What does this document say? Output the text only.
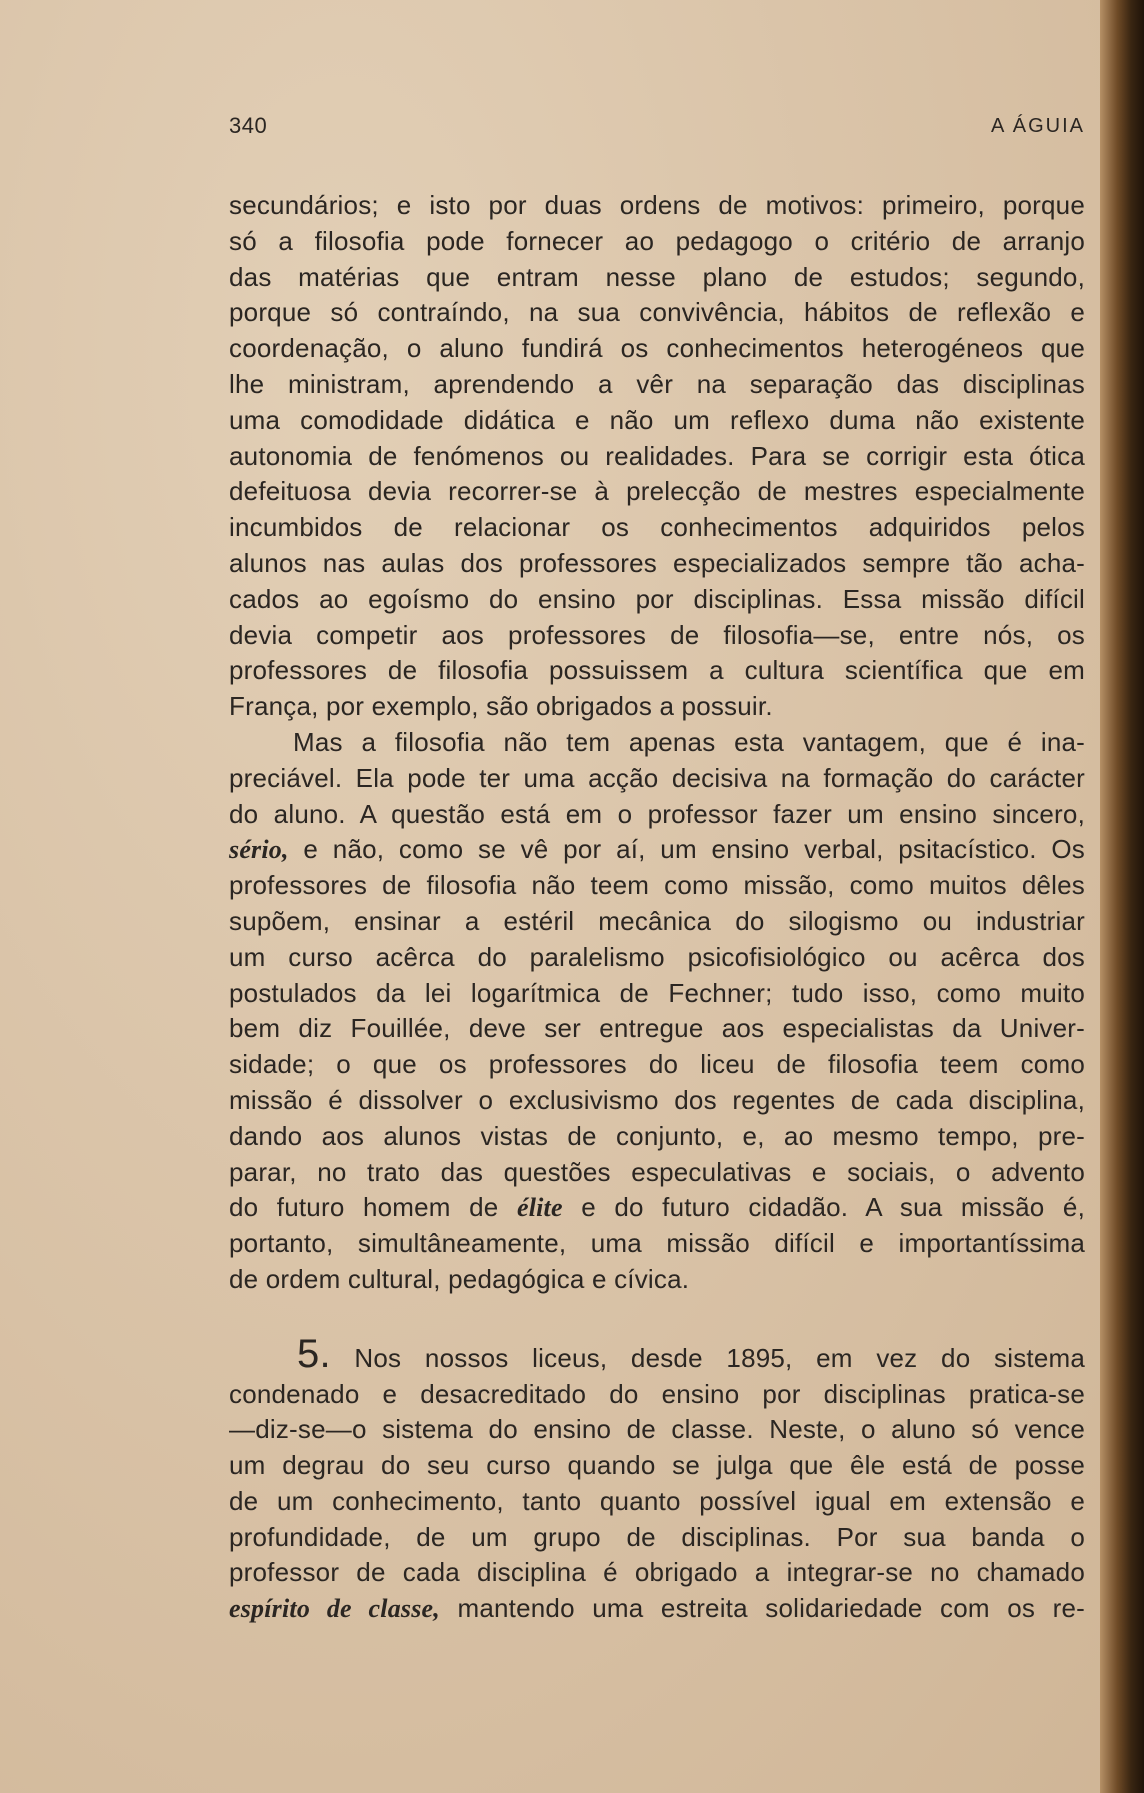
340	A ÁGUIA
secundários; e isto por duas ordens de motivos: primeiro, porque
só a filosofia pode fornecer ao pedagogo o critério de arranjo
das matérias que entram nesse plano de estudos; segundo,
porque só contraíndo, na sua convivência, hábitos de reflexão e
coordenação, o aluno fundirá os conhecimentos heterogéneos que
lhe ministram, aprendendo a vêr na separação das disciplinas
uma comodidade didática e não um reflexo duma não existente
autonomia de fenómenos ou realidades. Para se corrigir esta ótica
defeituosa devia recorrer-se à prelecção de mestres especialmente
incumbidos de relacionar os conhecimentos adquiridos pelos
alunos nas aulas dos professores especializados sempre tão acha-
cados ao egoísmo do ensino por disciplinas. Essa missão difícil
devia competir aos professores de filosofia—se, entre nós, os
professores de filosofia possuissem a cultura scientífica que em
França, por exemplo, são obrigados a possuir.
Mas a filosofia não tem apenas esta vantagem, que é ina-
preciável. Ela pode ter uma acção decisiva na formação do carácter
do aluno. A questão está em o professor fazer um ensino sincero,
sério, e não, como se vê por aí, um ensino verbal, psitacístico. Os
professores de filosofia não teem como missão, como muitos dêles
supõem, ensinar a estéril mecânica do silogismo ou industriar
um curso acêrca do paralelismo psicofisiológico ou acêrca dos
postulados da lei logarítmica de Fechner; tudo isso, como muito
bem diz Fouillée, deve ser entregue aos especialistas da Univer-
sidade; o que os professores do liceu de filosofia teem como
missão é dissolver o exclusivismo dos regentes de cada disciplina,
dando aos alunos vistas de conjunto, e, ao mesmo tempo, pre-
parar, no trato das questões especulativas e sociais, o advento
do futuro homem de élite e do futuro cidadão. A sua missão é,
portanto, simultâneamente, uma missão difícil e importantíssima
de ordem cultural, pedagógica e cívica.
5. Nos nossos liceus, desde 1895, em vez do sistema
condenado e desacreditado do ensino por disciplinas pratica-se
—diz-se—o sistema do ensino de classe. Neste, o aluno só vence
um degrau do seu curso quando se julga que êle está de posse
de um conhecimento, tanto quanto possível igual em extensão e
profundidade, de um grupo de disciplinas. Por sua banda o
professor de cada disciplina é obrigado a integrar-se no chamado
espírito de classe, mantendo uma estreita solidariedade com os re-
